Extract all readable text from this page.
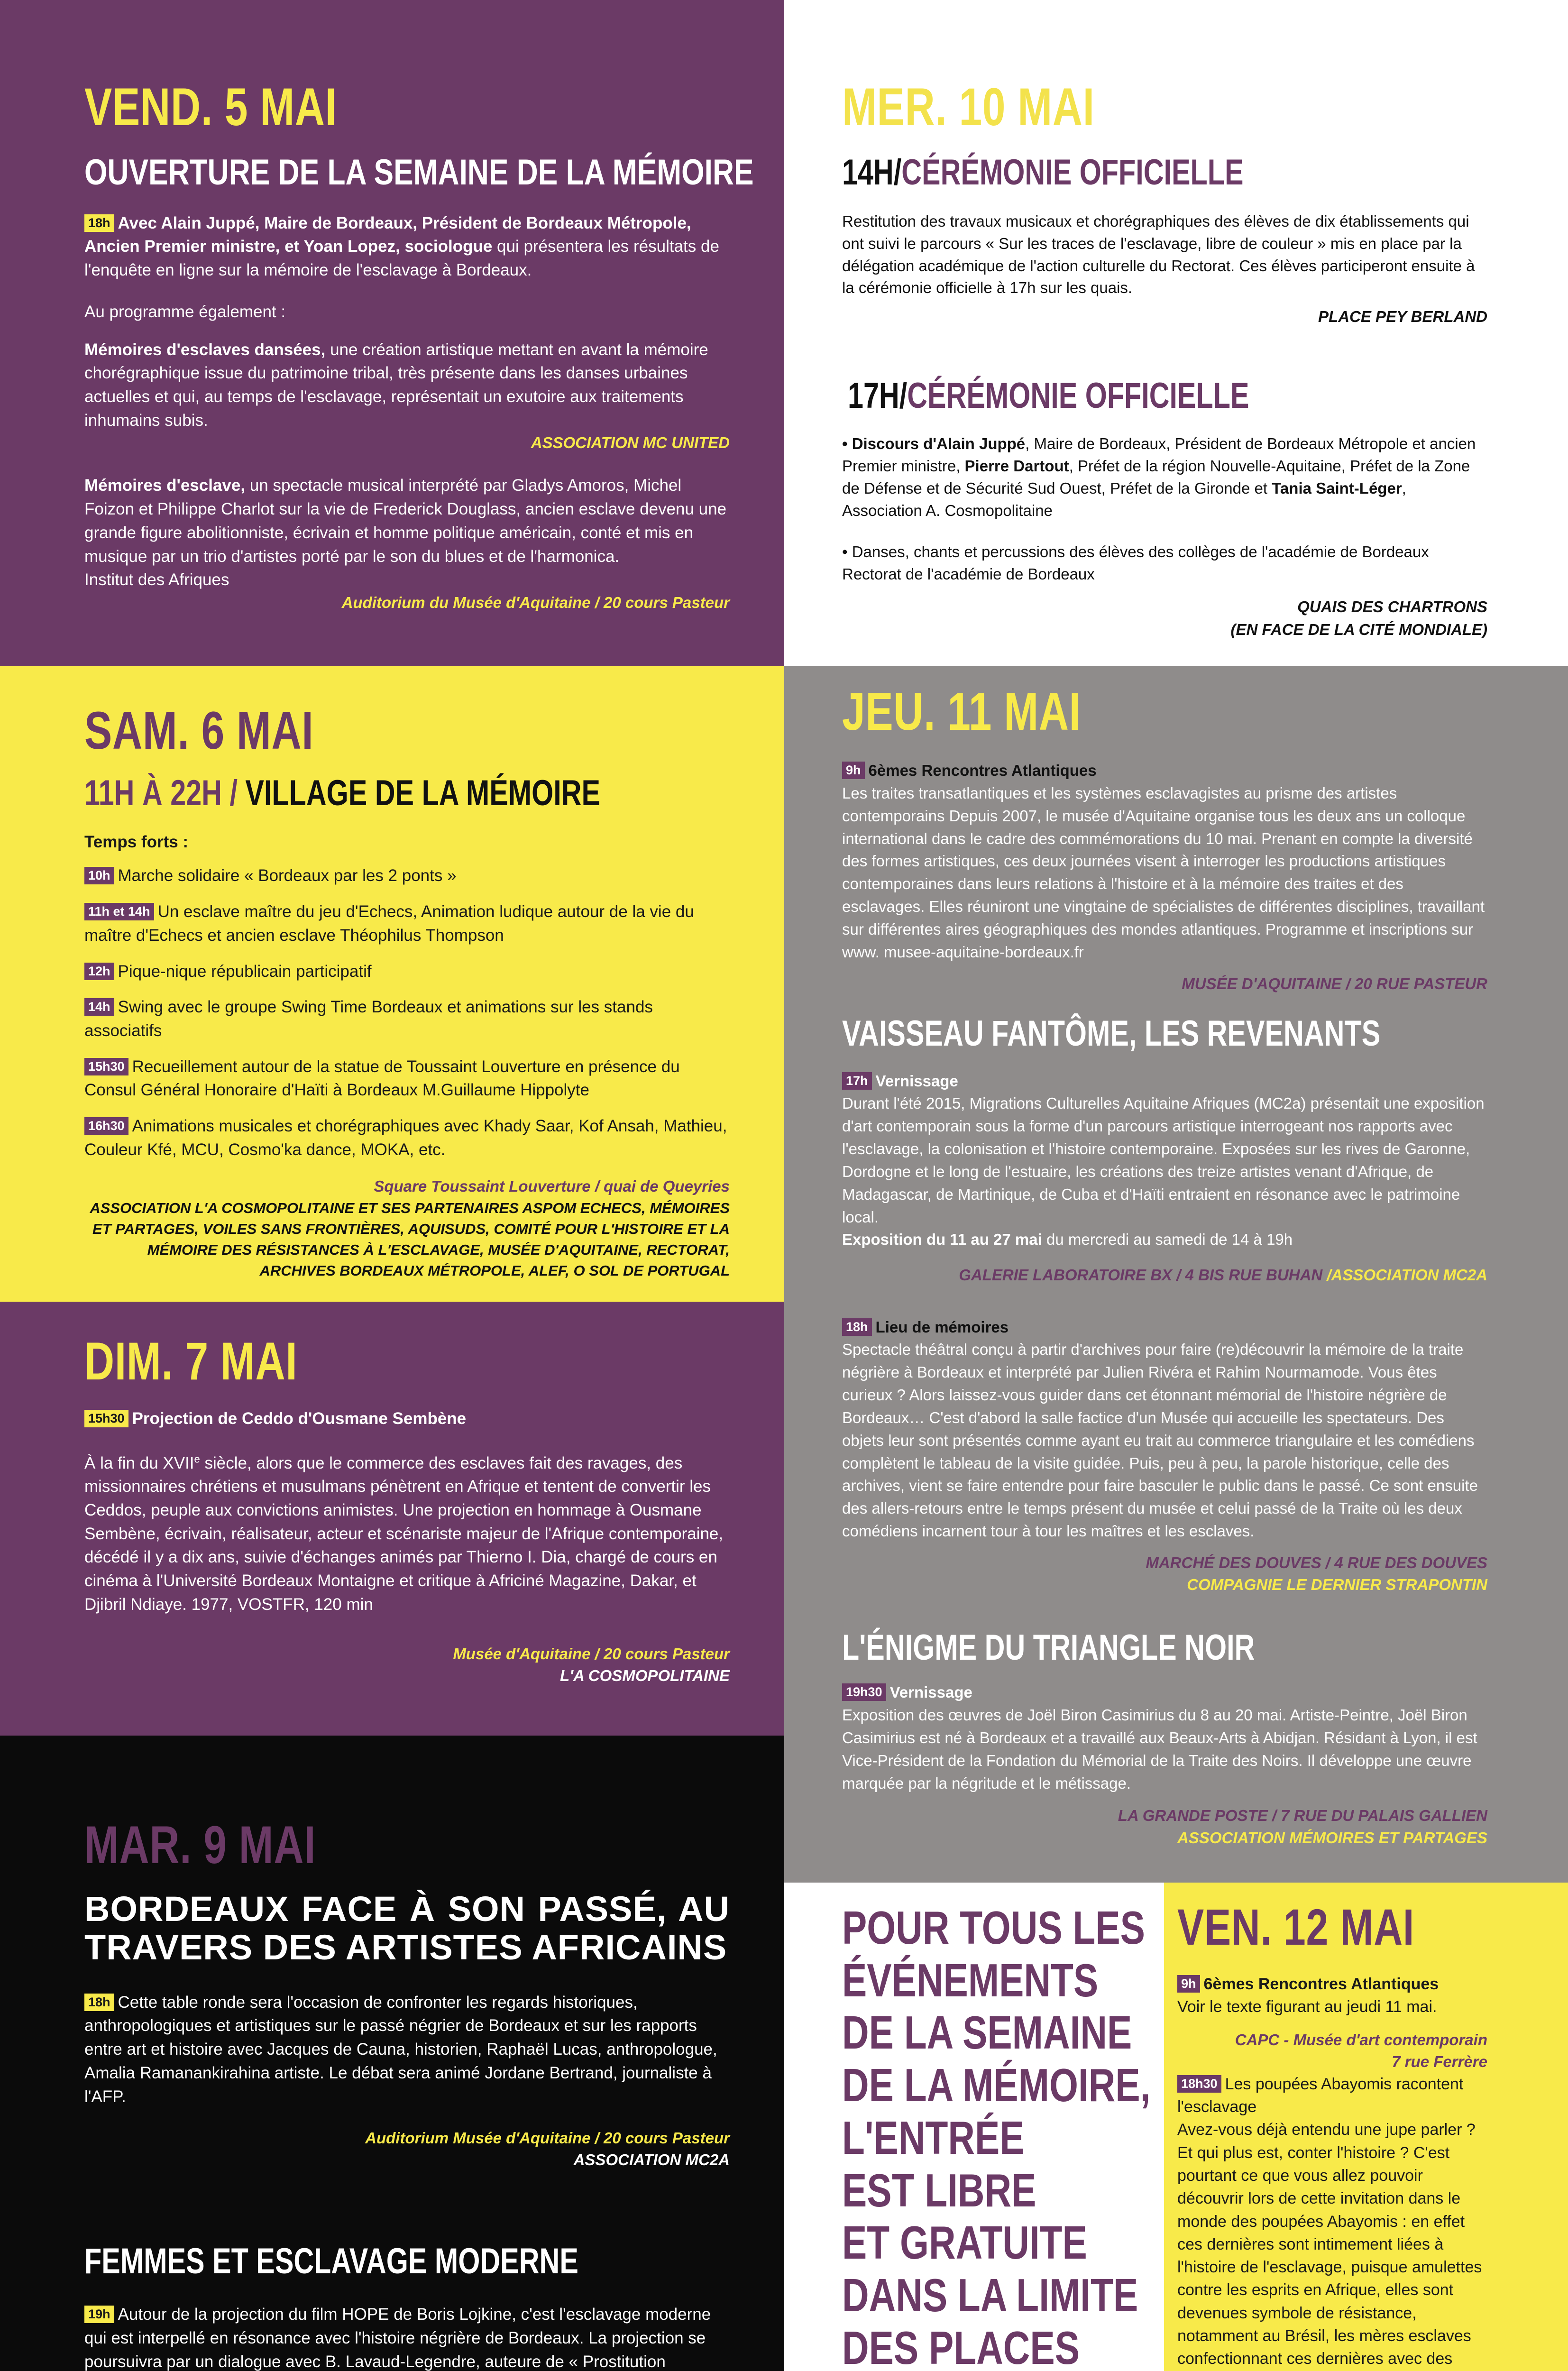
VEND. 5 MAI
OUVERTURE DE LA SEMAINE DE LA MÉMOIRE

18h Avec Alain Juppé, Maire de Bordeaux, Président de Bordeaux Métropole, Ancien Premier ministre, et Yoan Lopez, sociologue qui présentera les résultats de l'enquête en ligne sur la mémoire de l'esclavage à Bordeaux.

Au programme également :

Mémoires d'esclaves dansées, une création artistique mettant en avant la mémoire chorégraphique issue du patrimoine tribal, très présente dans les danses urbaines actuelles et qui, au temps de l'esclavage, représentait un exutoire aux traitements inhumains subis.

ASSOCIATION MC UNITED

Mémoires d'esclave, un spectacle musical interprété par Gladys Amoros, Michel Foizon et Philippe Charlot sur la vie de Frederick Douglass, ancien esclave devenu une grande figure abolitionniste, écrivain et homme politique américain, conté et mis en musique par un trio d'artistes porté par le son du blues et de l'harmonica.

Institut des Afriques
Auditorium du Musée d'Aquitaine / 20 cours Pasteur
MER. 10 MAI
14H/CÉRÉMONIE OFFICIELLE
Restitution des travaux musicaux et chorégraphiques des élèves de dix établissements qui ont suivi le parcours « Sur les traces de l'esclavage, libre de couleur » mis en place par la délégation académique de l'action culturelle du Rectorat. Ces élèves participeront ensuite à la cérémonie officielle à 17h sur les quais.
PLACE PEY BERLAND
17H/CÉRÉMONIE OFFICIELLE

• Discours d'Alain Juppé, Maire de Bordeaux, Président de Bordeaux Métropole et ancien Premier ministre, Pierre Dartout, Préfet de la région Nouvelle-Aquitaine, Préfet de la Zone de Défense et de Sécurité Sud Ouest, Préfet de la Gironde et Tania Saint-Léger, Association A. Cosmopolitaine

• Danses, chants et percussions des élèves des collèges de l'académie de Bordeaux Rectorat de l'académie de Bordeaux

QUAIS DES CHARTRONS
(EN FACE DE LA CITÉ MONDIALE)
SAM. 6 MAI
11H À 22H / VILLAGE DE LA MÉMOIRE

Temps forts :

10h Marche solidaire « Bordeaux par les 2 ponts »
11h et 14h Un esclave maître du jeu d'Echecs, Animation ludique autour de la vie du maître d'Echecs et ancien esclave Théophilus Thompson
12h Pique-nique républicain participatif
14h Swing avec le groupe Swing Time Bordeaux et animations sur les stands associatifs
15h30 Recueillement autour de la statue de Toussaint Louverture en présence du Consul Général Honoraire d'Haïti à Bordeaux M.Guillaume Hippolyte
16h30 Animations musicales et chorégraphiques avec Khady Saar, Kof Ansah, Mathieu, Couleur Kfé, MCU, Cosmo'ka dance, MOKA, etc.
Square Toussaint Louverture / quai de Queyries
ASSOCIATION L'A COSMOPOLITAINE ET SES PARTENAIRES ASPOM ECHECS, MÉMOIRES ET PARTAGES, VOILES SANS FRONTIÈRES, AQUISUDS, COMITÉ POUR L'HISTOIRE ET LA MÉMOIRE DES RÉSISTANCES À L'ESCLAVAGE, MUSÉE D'AQUITAINE, RECTORAT, ARCHIVES BORDEAUX MÉTROPOLE, ALEF, O SOL DE PORTUGAL
JEU. 11 MAI
9h 6èmes Rencontres Atlantiques
Les traites transatlantiques et les systèmes esclavagistes au prisme des artistes contemporains Depuis 2007, le musée d'Aquitaine organise tous les deux ans un colloque international dans le cadre des commémorations du 10 mai. Prenant en compte la diversité des formes artistiques, ces deux journées visent à interroger les productions artistiques contemporaines dans leurs relations à l'histoire et à la mémoire des traites et des esclavages. Elles réuniront une vingtaine de spécialistes de différentes disciplines, travaillant sur différentes aires géographiques des mondes atlantiques. Programme et inscriptions sur www. musee-aquitaine-bordeaux.fr
MUSÉE D'AQUITAINE / 20 RUE PASTEUR
VAISSEAU FANTÔME, LES REVENANTS
17h Vernissage
Durant l'été 2015, Migrations Culturelles Aquitaine Afriques (MC2a) présentait une exposition d'art contemporain sous la forme d'un parcours artistique interrogeant nos rapports avec l'esclavage, la colonisation et l'histoire contemporaine. Exposées sur les rives de Garonne, Dordogne et le long de l'estuaire, les créations des treize artistes venant d'Afrique, de Madagascar, de Martinique, de Cuba et d'Haïti entraient en résonance avec le patrimoine local.
Exposition du 11 au 27 mai du mercredi au samedi de 14 à 19h
GALERIE LABORATOIRE BX / 4 BIS RUE BUHAN /ASSOCIATION MC2A
18h Lieu de mémoires
Spectacle théâtral conçu à partir d'archives pour faire (re)découvrir la mémoire de la traite négrière à Bordeaux et interprété par Julien Rivéra et Rahim Nourmamode. Vous êtes curieux ? Alors laissez-vous guider dans cet étonnant mémorial de l'histoire négrière de Bordeaux… C'est d'abord la salle factice d'un Musée qui accueille les spectateurs. Des objets leur sont présentés comme ayant eu trait au commerce triangulaire et les comédiens complètent le tableau de la visite guidée. Puis, peu à peu, la parole historique, celle des archives, vient se faire entendre pour faire basculer le public dans le passé. Ce sont ensuite des allers-retours entre le temps présent du musée et celui passé de la Traite où les deux comédiens incarnent tour à tour les maîtres et les esclaves.
MARCHÉ DES DOUVES / 4 RUE DES DOUVES
COMPAGNIE LE DERNIER STRAPONTIN
L'ÉNIGME DU TRIANGLE NOIR
19h30 Vernissage
Exposition des œuvres de Joël Biron Casimirius du 8 au 20 mai. Artiste-Peintre, Joël Biron Casimirius est né à Bordeaux et a travaillé aux Beaux-Arts à Abidjan. Résidant à Lyon, il est Vice-Président de la Fondation du Mémorial de la Traite des Noirs. Il développe une œuvre marquée par la négritude et le métissage.
LA GRANDE POSTE / 7 RUE DU PALAIS GALLIEN
ASSOCIATION MÉMOIRES ET PARTAGES
DIM. 7 MAI

15h30 Projection de Ceddo d'Ousmane Sembène

À la fin du XVIIe siècle, alors que le commerce des esclaves fait des ravages, des missionnaires chrétiens et musulmans pénètrent en Afrique et tentent de convertir les Ceddos, peuple aux convictions animistes. Une projection en hommage à Ousmane Sembène, écrivain, réalisateur, acteur et scénariste majeur de l'Afrique contemporaine, décédé il y a dix ans, suivie d'échanges animés par Thierno I. Dia, chargé de cours en cinéma à l'Université Bordeaux Montaigne et critique à Africiné Magazine, Dakar, et Djibril Ndiaye. 1977, VOSTFR, 120 min

Musée d'Aquitaine / 20 cours Pasteur
L'A COSMOPOLITAINE
MAR. 9 MAI
BORDEAUX FACE À SON PASSÉ, AU TRAVERS DES ARTISTES AFRICAINS

18h Cette table ronde sera l'occasion de confronter les regards historiques, anthropologiques et artistiques sur le passé négrier de Bordeaux et sur les rapports entre art et histoire avec Jacques de Cauna, historien, Raphaël Lucas, anthropologue, Amalia Ramanankirahina artiste. Le débat sera animé Jordane Bertrand, journaliste à l'AFP.

Auditorium Musée d'Aquitaine / 20 cours Pasteur
ASSOCIATION MC2A
FEMMES ET ESCLAVAGE MODERNE

19h Autour de la projection du film HOPE de Boris Lojkine, c'est l'esclavage moderne qui est interpellé en résonance avec l'histoire négrière de Bordeaux. La projection se poursuivra par un dialogue avec B. Lavaud-Legendre, auteure de « Prostitution

POUR TOUS LES
ÉVÉNEMENTS
DE LA SEMAINE
DE LA MÉMOIRE,
L'ENTRÉE
EST LIBRE
ET GRATUITE
DANS LA LIMITE
DES PLACES
VEN. 12 MAI
9h 6èmes Rencontres Atlantiques
Voir le texte figurant au jeudi 11 mai.
CAPC - Musée d'art contemporain
7 rue Ferrère
18h30 Les poupées Abayomis racontent l'esclavage
Avez-vous déjà entendu une jupe parler ? Et qui plus est, conter l'histoire ? C'est pourtant ce que vous allez pouvoir découvrir lors de cette invitation dans le monde des poupées Abayomis : en effet ces dernières sont intimement liées à l'histoire de l'esclavage, puisque amulettes contre les esprits en Afrique, elles sont devenues symbole de résistance, notamment au Brésil, les mères esclaves confectionnant ces dernières avec des
